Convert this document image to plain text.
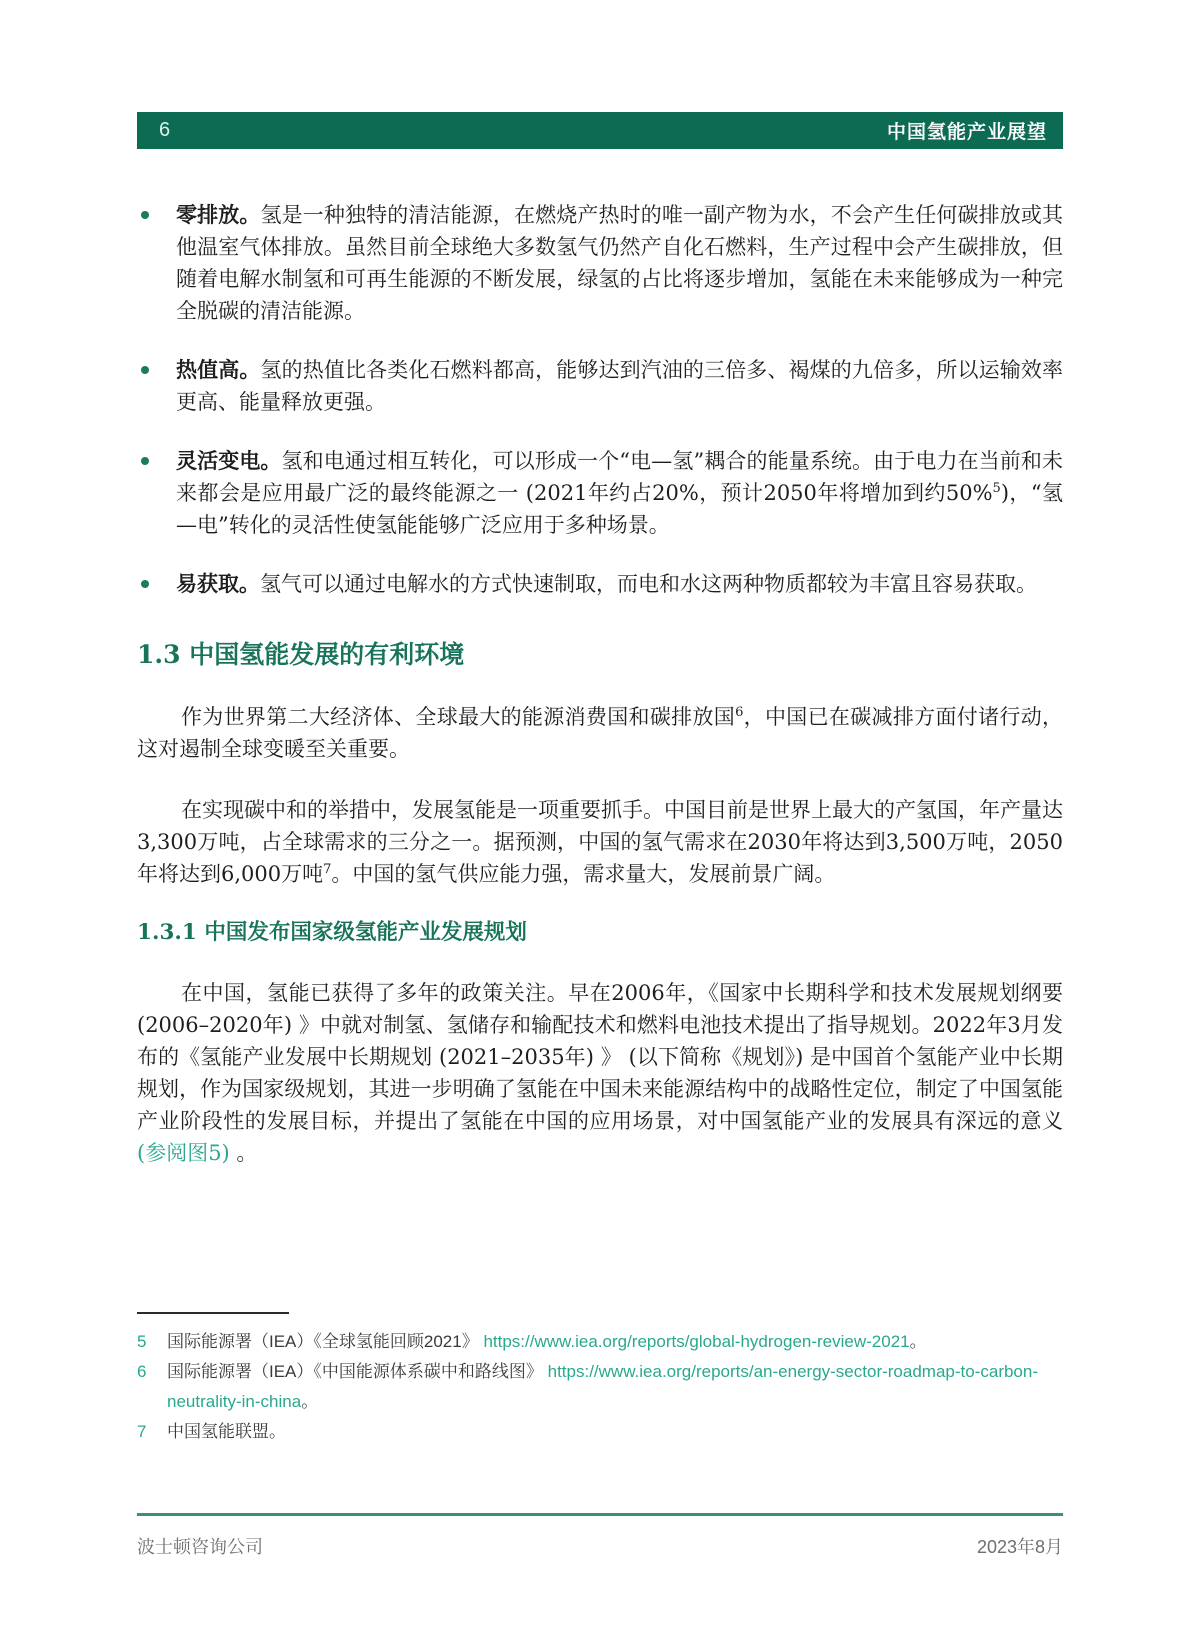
6	中国氢能产业展望
零排放。氢是一种独特的清洁能源，在燃烧产热时的唯一副产物为水，不会产生任何碳排放或其他温室气体排放。虽然目前全球绝大多数氢气仍然产自化石燃料，生产过程中会产生碳排放，但随着电解水制氢和可再生能源的不断发展，绿氢的占比将逐步增加，氢能在未来能够成为一种完全脱碳的清洁能源。
热值高。氢的热值比各类化石燃料都高，能够达到汽油的三倍多、褐煤的九倍多，所以运输效率更高、能量释放更强。
灵活变电。氢和电通过相互转化，可以形成一个“电—氢”耦合的能量系统。由于电力在当前和未来都会是应用最广泛的最终能源之一 (2021年约占20%，预计2050年将增加到约50%$^5$)，“氢—电”转化的灵活性使氢能能够广泛应用于多种场景。
易获取。氢气可以通过电解水的方式快速制取，而电和水这两种物质都较为丰富且容易获取。
1.3 中国氢能发展的有利环境

作为世界第二大经济体、全球最大的能源消费国和碳排放国$^6$，中国已在碳减排方面付诸行动，这对遏制全球变暖至关重要。

在实现碳中和的举措中，发展氢能是一项重要抓手。中国目前是世界上最大的产氢国，年产量达3,300万吨，占全球需求的三分之一。据预测，中国的氢气需求在2030年将达到3,500万吨，2050年将达到6,000万吨$^7$。中国的氢气供应能力强，需求量大，发展前景广阔。

1.3.1 中国发布国家级氢能产业发展规划

在中国，氢能已获得了多年的政策关注。早在2006年，《国家中长期科学和技术发展规划纲要 (2006–2020年) 》中就对制氢、氢储存和输配技术和燃料电池技术提出了指导规划。2022年3月发布的《氢能产业发展中长期规划 (2021–2035年) 》 (以下简称《规划》) 是中国首个氢能产业中长期规划，作为国家级规划，其进一步明确了氢能在中国未来能源结构中的战略性定位，制定了中国氢能产业阶段性的发展目标，并提出了氢能在中国的应用场景，对中国氢能产业的发展具有深远的意义 (参阅图5) 。

5	国际能源署（IEA）《全球氢能回顾2021》 https://www.iea.org/reports/global-hydrogen-review-2021。
6	国际能源署（IEA）《中国能源体系碳中和路线图》 https://www.iea.org/reports/an-energy-sector-roadmap-to-carbon-neutrality-in-china。
7	中国氢能联盟。
波士顿咨询公司	2023年8月
